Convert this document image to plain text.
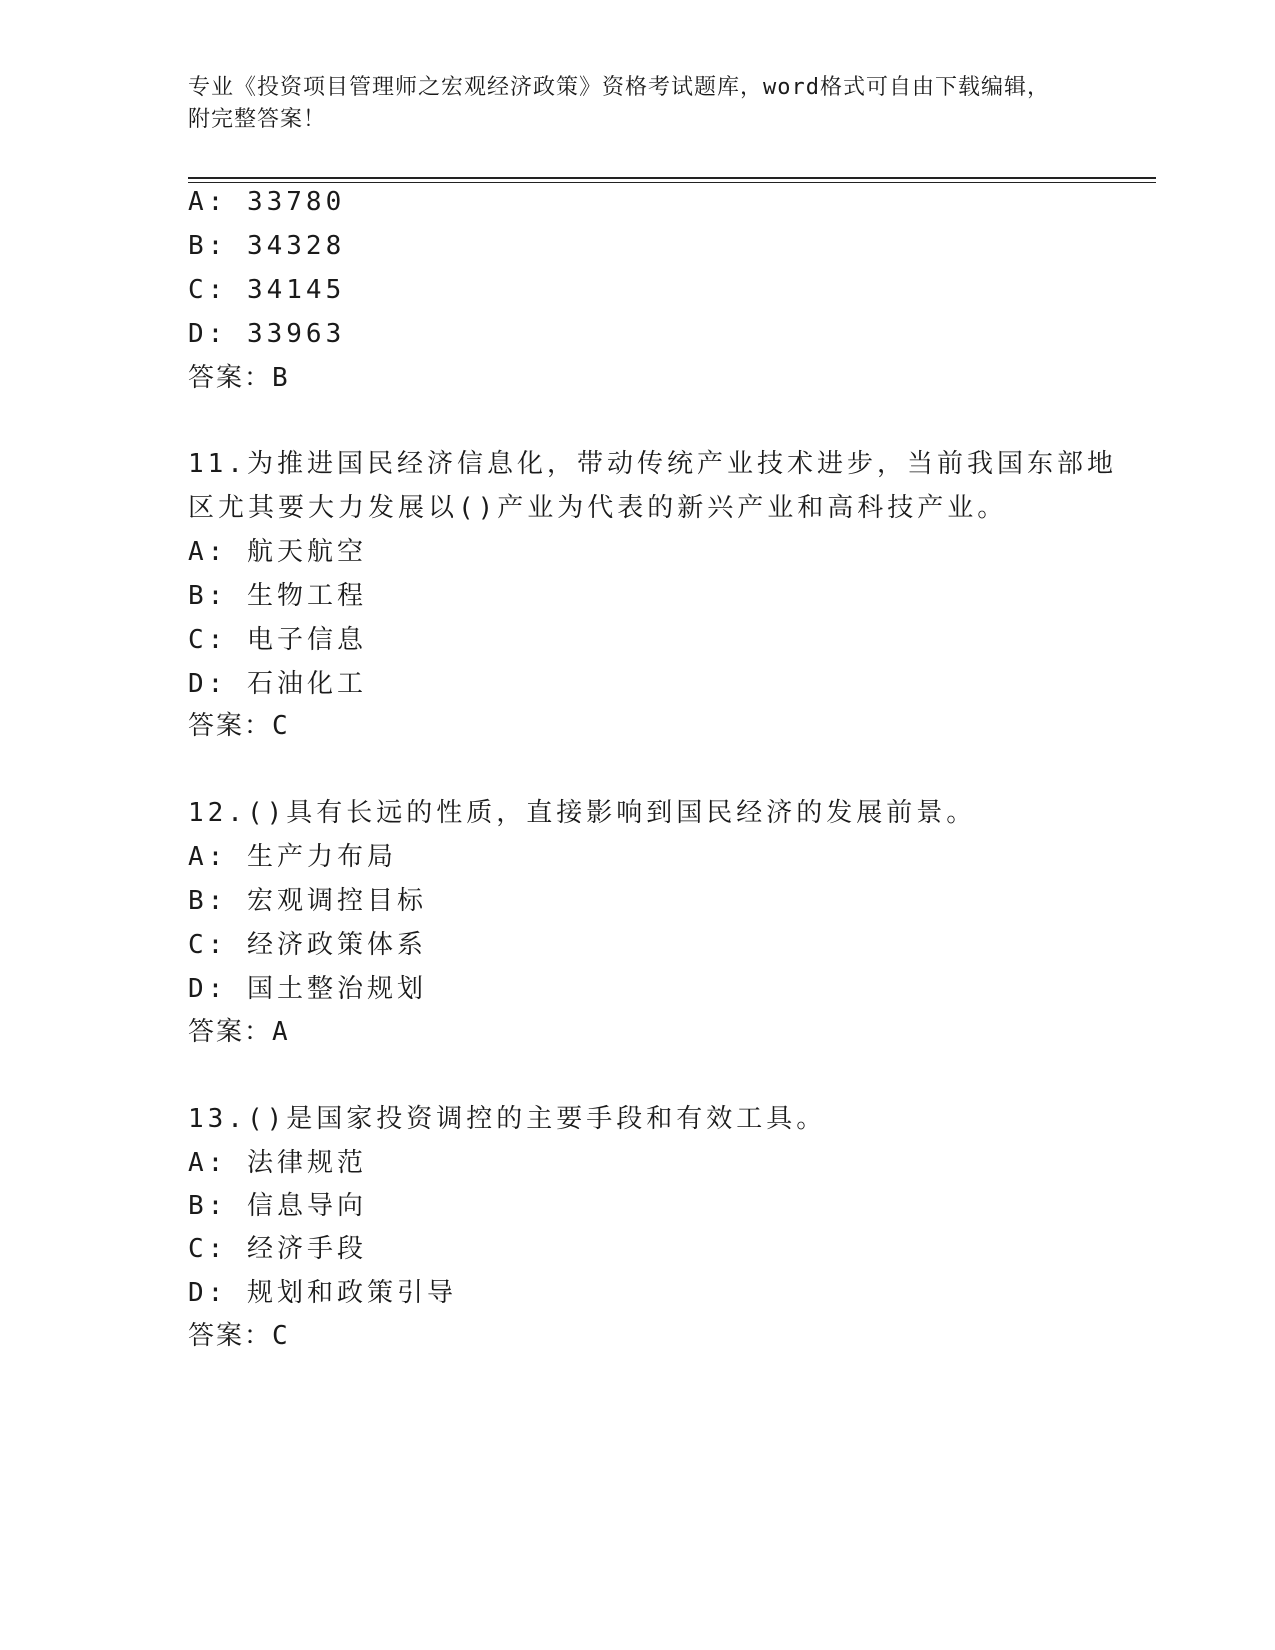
专业《投资项目管理师之宏观经济政策》资格考试题库，word格式可自由下载编辑，附完整答案！
A: 33780
B: 34328
C: 34145
D: 33963
答案：B
11.为推进国民经济信息化，带动传统产业技术进步，当前我国东部地
区尤其要大力发展以()产业为代表的新兴产业和高科技产业。
A: 航天航空
B: 生物工程
C: 电子信息
D: 石油化工
答案：C
12.()具有长远的性质，直接影响到国民经济的发展前景。
A: 生产力布局
B: 宏观调控目标
C: 经济政策体系
D: 国土整治规划
答案：A
13.()是国家投资调控的主要手段和有效工具。
A: 法律规范
B: 信息导向
C: 经济手段
D: 规划和政策引导
答案：C
